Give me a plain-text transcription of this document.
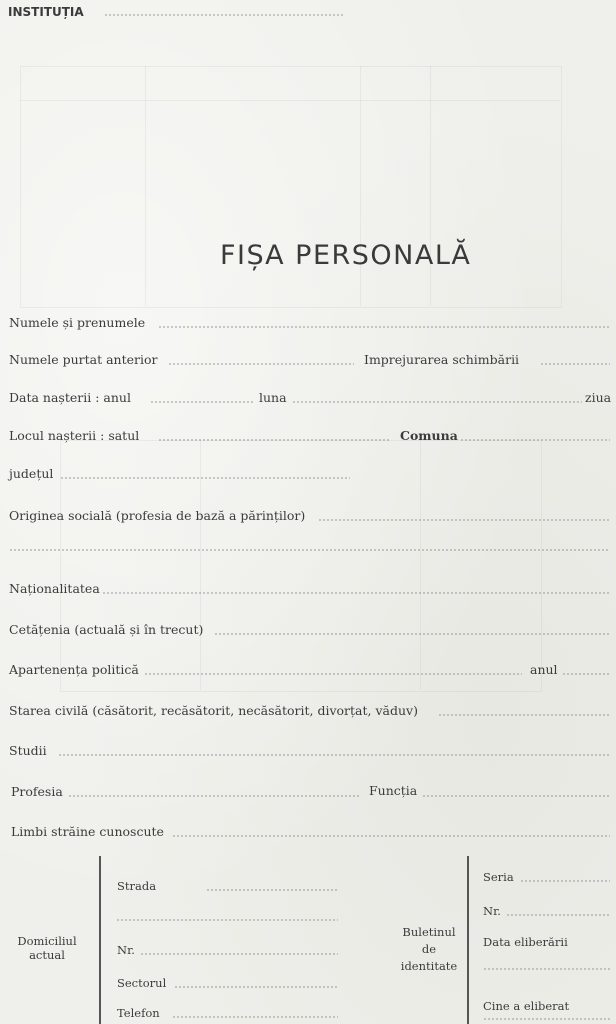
INSTITUȚIA
FIȘA PERSONALĂ
Numele și prenumele
Numele purtat anterior	Imprejurarea schimbării
Data nașterii : anul	luna	ziua
Locul nașterii : satul	Comuna
județul
Originea socială (profesia de bază a părinților)
Naționalitatea
Cetățenia (actuală și în trecut)
Apartenența politică	anul
Starea civilă (căsătorit, recăsătorit, necăsătorit, divorțat, văduv)
Studii
Profesia	Funcția
Limbi străine cunoscute
Domiciliul
actual
Strada
Nr.
Sectorul
Telefon
Buletinul
de
identitate
Seria
Nr.
Data eliberării
Cine a eliberat
